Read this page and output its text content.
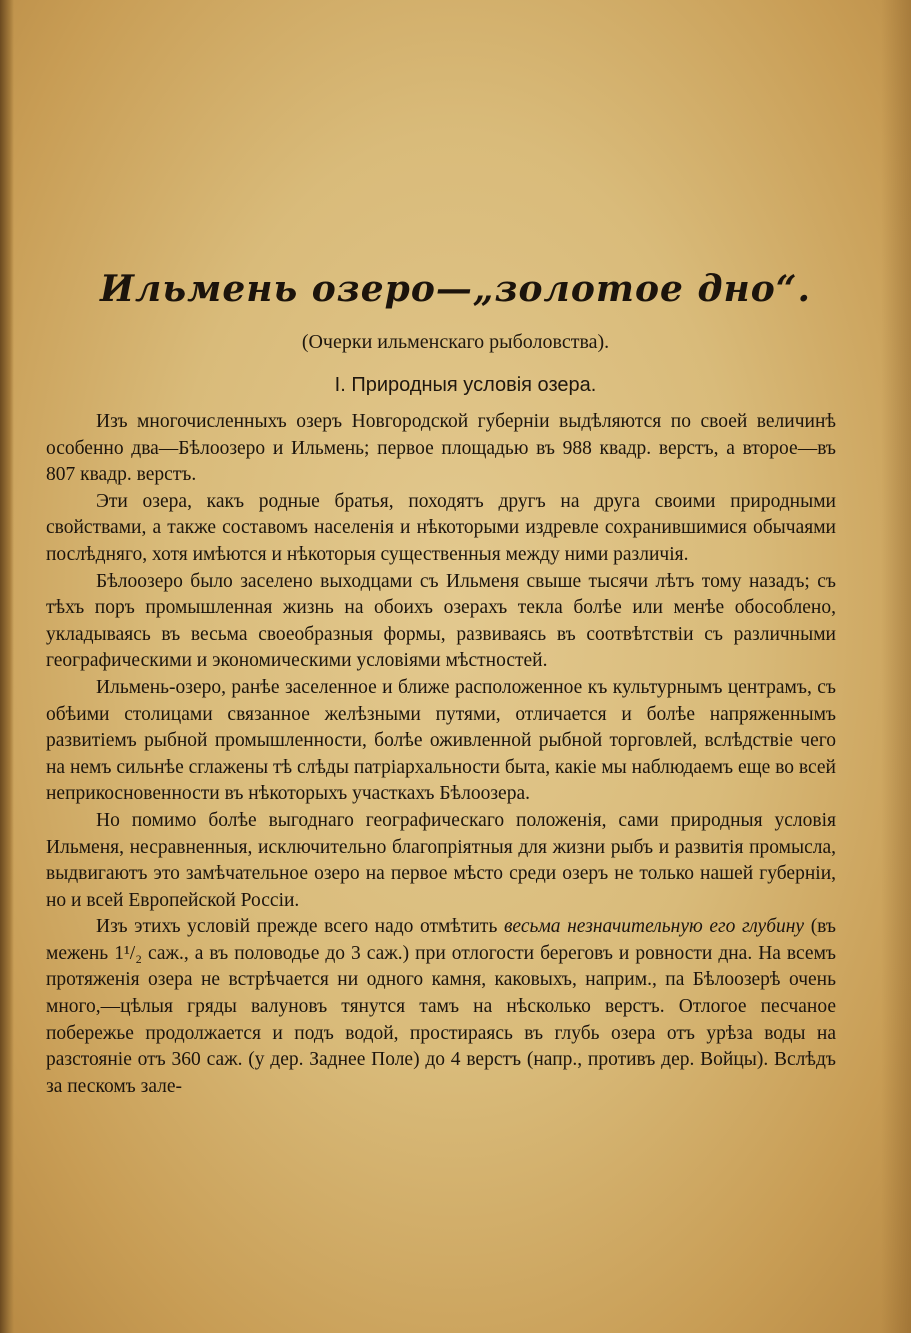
Ильмень озеро—„золотое дно“.
(Очерки ильменскаго рыболовства).
I. Природныя условія озера.

Изъ многочисленныхъ озеръ Новгородской губерніи выдѣляются по своей величинѣ особенно два—Бѣлоозеро и Ильмень; первое площадью въ 988 квадр. верстъ, а второе—въ 807 квадр. верстъ.

Эти озера, какъ родные братья, походятъ другъ на друга своими природными свойствами, а также составомъ населенія и нѣкоторыми издревле сохранившимися обычаями послѣдняго, хотя имѣются и нѣкоторыя существенныя между ними различія.

Бѣлоозеро было заселено выходцами съ Ильменя свыше тысячи лѣтъ тому назадъ; съ тѣхъ поръ промышленная жизнь на обоихъ озерахъ текла болѣе или менѣе обособлено, укладываясь въ весьма своеобразныя формы, развиваясь въ соотвѣтствіи съ различными географическими и экономическими условіями мѣстностей.

Ильмень-озеро, ранѣе заселенное и ближе расположенное къ культурнымъ центрамъ, съ обѣими столицами связанное желѣзными путями, отличается и болѣе напряженнымъ развитіемъ рыбной промышленности, болѣе оживленной рыбной торговлей, вслѣдствіе чего на немъ сильнѣе сглажены тѣ слѣды патріархальности быта, какіе мы наблюдаемъ еще во всей неприкосновенности въ нѣкоторыхъ участкахъ Бѣлоозера.

Но помимо болѣе выгоднаго географическаго положенія, сами природныя условія Ильменя, несравненныя, исключительно благопріятныя для жизни рыбъ и развитія промысла, выдвигаютъ это замѣчательное озеро на первое мѣсто среди озеръ не только нашей губерніи, но и всей Европейской Россіи.

Изъ этихъ условій прежде всего надо отмѣтить весьма незначительную его глубину (въ межень 1¹/₂ саж., а въ половодье до 3 саж.) при отлогости береговъ и ровности дна. На всемъ протяженія озера не встрѣчается ни одного камня, каковыхъ, наприм., па Бѣлоозерѣ очень много,—цѣлыя гряды валуновъ тянутся тамъ на нѣсколько верстъ. Отлогое песчаное побережье продолжается и подъ водой, простираясь въ глубь озера отъ урѣза воды на разстояніе отъ 360 саж. (у дер. Заднее Поле) до 4 верстъ (напр., противъ дер. Войцы). Вслѣдъ за пескомъ зале-
